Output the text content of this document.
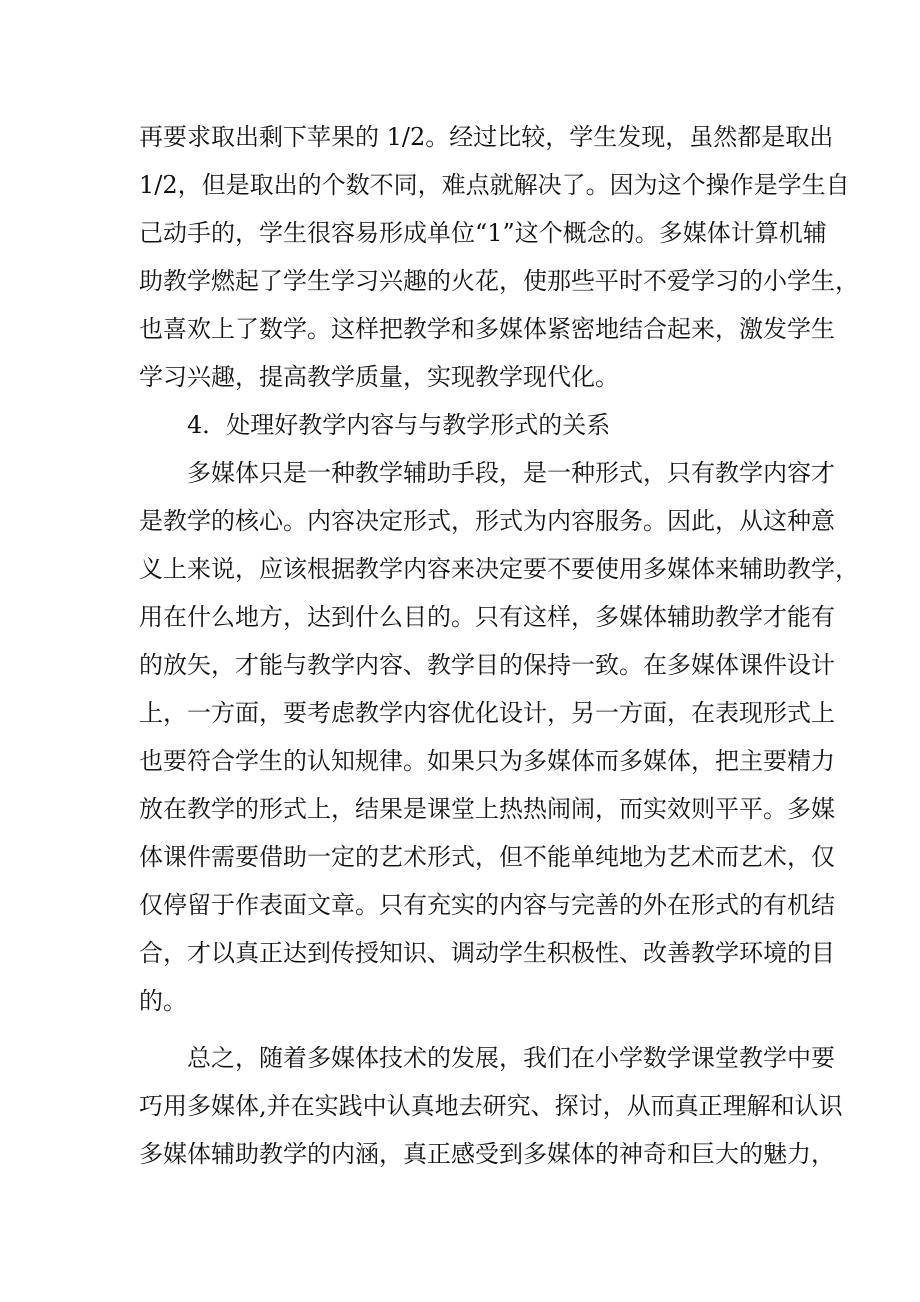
再要求取出剩下苹果的 1/2。经过比较，学生发现，虽然都是取出
1/2，但是取出的个数不同，难点就解决了。因为这个操作是学生自
己动手的，学生很容易形成单位“1”这个概念的。多媒体计算机辅
助教学燃起了学生学习兴趣的火花，使那些平时不爱学习的小学生，
也喜欢上了数学。这样把教学和多媒体紧密地结合起来，激发学生
学习兴趣，提高教学质量，实现教学现代化。
4．处理好教学内容与与教学形式的关系
多媒体只是一种教学辅助手段，是一种形式，只有教学内容才
是教学的核心。内容决定形式，形式为内容服务。因此，从这种意
义上来说，应该根据教学内容来决定要不要使用多媒体来辅助教学，
用在什么地方，达到什么目的。只有这样，多媒体辅助教学才能有
的放矢，才能与教学内容、教学目的保持一致。在多媒体课件设计
上，一方面，要考虑教学内容优化设计，另一方面，在表现形式上
也要符合学生的认知规律。如果只为多媒体而多媒体，把主要精力
放在教学的形式上，结果是课堂上热热闹闹，而实效则平平。多媒
体课件需要借助一定的艺术形式，但不能单纯地为艺术而艺术，仅
仅停留于作表面文章。只有充实的内容与完善的外在形式的有机结
合，才以真正达到传授知识、调动学生积极性、改善教学环境的目
的。
总之，随着多媒体技术的发展，我们在小学数学课堂教学中要
巧用多媒体,并在实践中认真地去研究、探讨，从而真正理解和认识
多媒体辅助教学的内涵，真正感受到多媒体的神奇和巨大的魅力，
